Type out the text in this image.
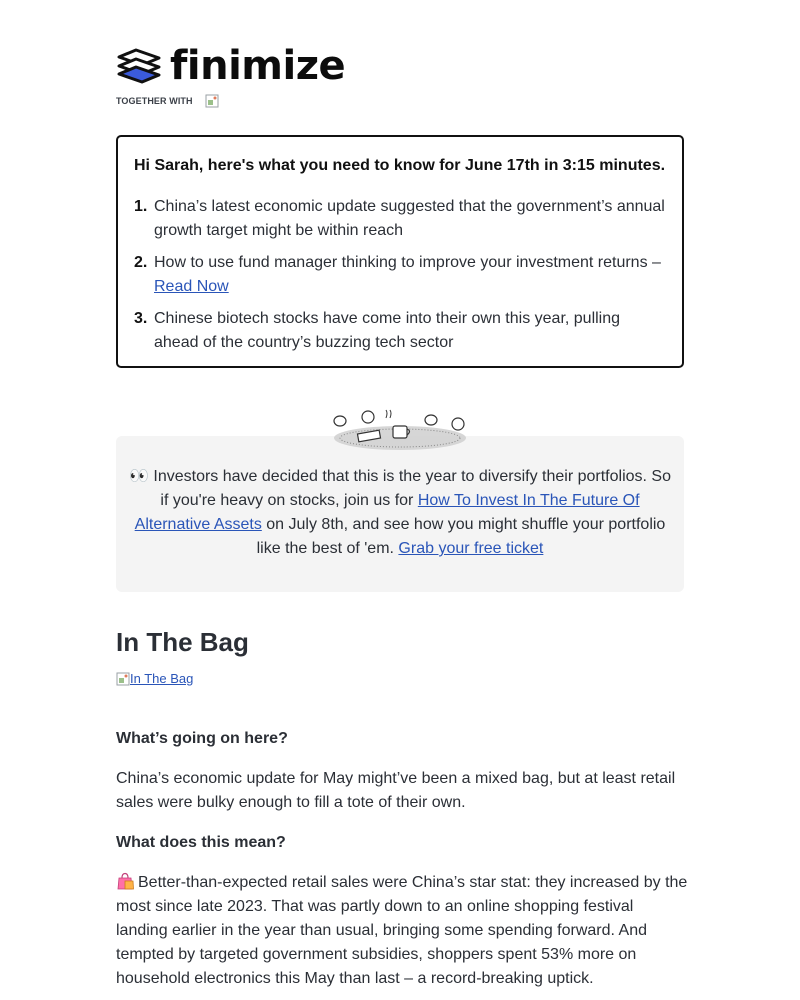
finimize
TOGETHER WITH
Hi Sarah, here's what you need to know for June 17th in 3:15 minutes.
1. China’s latest economic update suggested that the government’s annual growth target might be within reach
2. How to use fund manager thinking to improve your investment returns – Read Now
3. Chinese biotech stocks have come into their own this year, pulling ahead of the country’s buzzing tech sector
👀 Investors have decided that this is the year to diversify their portfolios. So if you're heavy on stocks, join us for How To Invest In The Future Of Alternative Assets on July 8th, and see how you might shuffle your portfolio like the best of 'em. Grab your free ticket
In The Bag
In The Bag
What’s going on here?
China’s economic update for May might’ve been a mixed bag, but at least retail sales were bulky enough to fill a tote of their own.
What does this mean?
Better-than-expected retail sales were China’s star stat: they increased by the most since late 2023. That was partly down to an online shopping festival landing earlier in the year than usual, bringing some spending forward. And tempted by targeted government subsidies, shoppers spent 53% more on household electronics this May than last – a record-breaking uptick.
